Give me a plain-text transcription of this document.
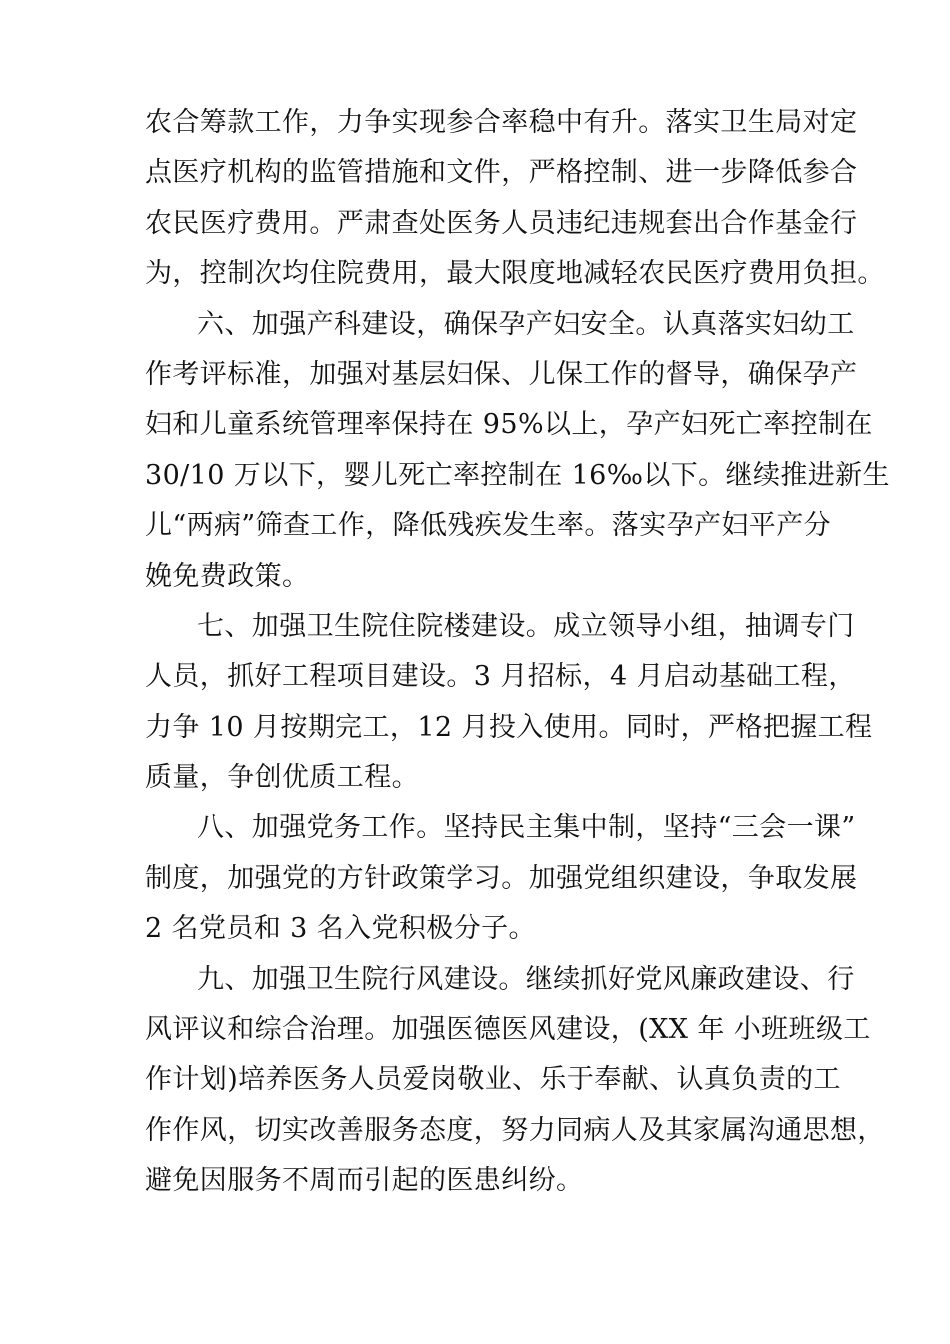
农合筹款工作，力争实现参合率稳中有升。落实卫生局对定
点医疗机构的监管措施和文件，严格控制、进一步降低参合
农民医疗费用。严肃查处医务人员违纪违规套出合作基金行
为，控制次均住院费用，最大限度地减轻农民医疗费用负担。
六、加强产科建设，确保孕产妇安全。认真落实妇幼工
作考评标准，加强对基层妇保、儿保工作的督导，确保孕产
妇和儿童系统管理率保持在 95%以上，孕产妇死亡率控制在
30/10 万以下，婴儿死亡率控制在 16‰以下。继续推进新生
儿“两病”筛查工作，降低残疾发生率。落实孕产妇平产分
娩免费政策。
七、加强卫生院住院楼建设。成立领导小组，抽调专门
人员，抓好工程项目建设。3 月招标，4 月启动基础工程，
力争 10 月按期完工，12 月投入使用。同时，严格把握工程
质量，争创优质工程。
八、加强党务工作。坚持民主集中制，坚持“三会一课”
制度，加强党的方针政策学习。加强党组织建设，争取发展
2 名党员和 3 名入党积极分子。
九、加强卫生院行风建设。继续抓好党风廉政建设、行
风评议和综合治理。加强医德医风建设，(XX 年 小班班级工
作计划)培养医务人员爱岗敬业、乐于奉献、认真负责的工
作作风，切实改善服务态度，努力同病人及其家属沟通思想，
避免因服务不周而引起的医患纠纷。
